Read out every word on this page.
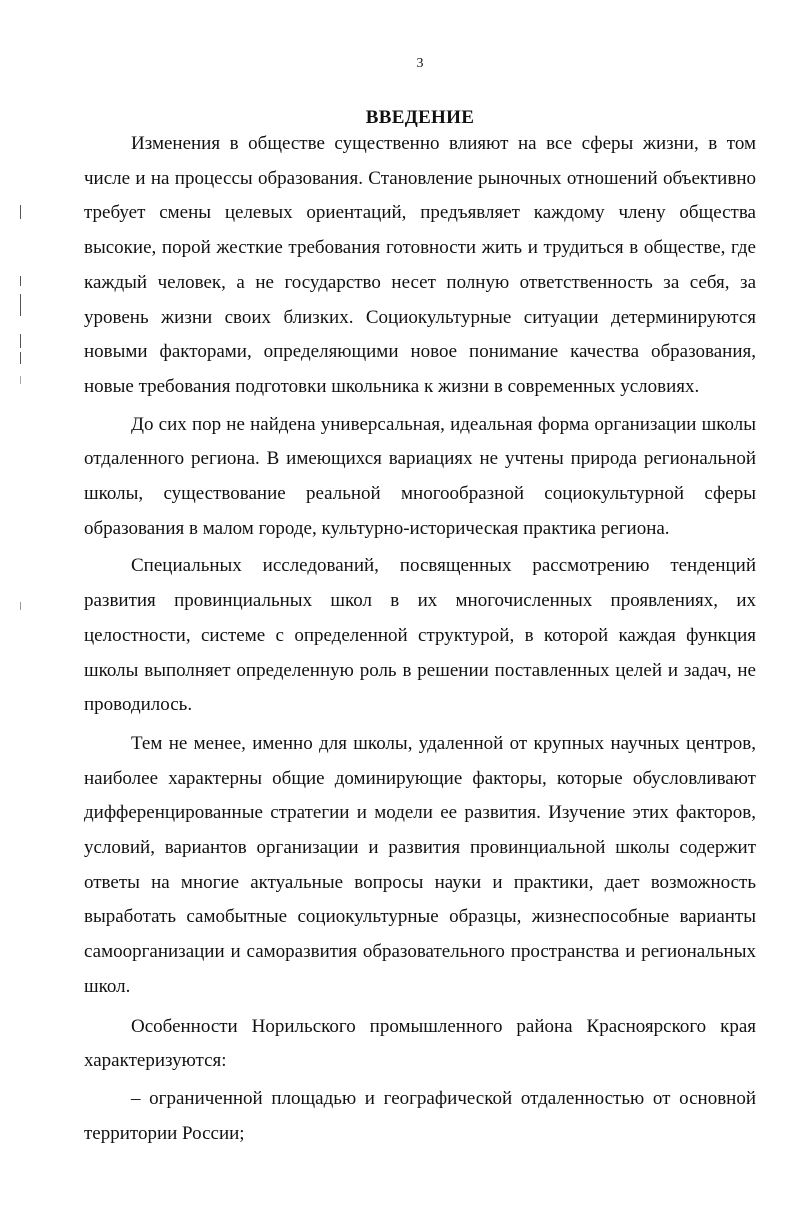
3
ВВЕДЕНИЕ

Изменения в обществе существенно влияют на все сферы жизни, в том числе и на процессы образования. Становление рыночных отношений объективно требует смены целевых ориентаций, предъявляет каждому члену общества высокие, порой жесткие требования готовности жить и трудиться в обществе, где каждый человек, а не государство несет полную ответственность за себя, за уровень жизни своих близких. Социокультурные ситуации детерминируются новыми факторами, определяющими новое понимание качества образования, новые требования подготовки школьника к жизни в современных условиях.

До сих пор не найдена универсальная, идеальная форма организации школы отдаленного региона. В имеющихся вариациях не учтены природа региональной школы, существование реальной многообразной социокультурной сферы образования в малом городе, культурно-историческая практика региона.

Специальных исследований, посвященных рассмотрению тенденций развития провинциальных школ в их многочисленных проявлениях, их целостности, системе с определенной структурой, в которой каждая функция школы выполняет определенную роль в решении поставленных целей и задач, не проводилось.

Тем не менее, именно для школы, удаленной от крупных научных центров, наиболее характерны общие доминирующие факторы, которые обусловливают дифференцированные стратегии и модели ее развития. Изучение этих факторов, условий, вариантов организации и развития провинциальной школы содержит ответы на многие актуальные вопросы науки и практики, дает возможность выработать самобытные социокультурные образцы, жизнеспособные варианты самоорганизации и саморазвития образовательного пространства и региональных школ.

Особенности Норильского промышленного района Красноярского края характеризуются:

– ограниченной площадью и географической отдаленностью от основной территории России;
